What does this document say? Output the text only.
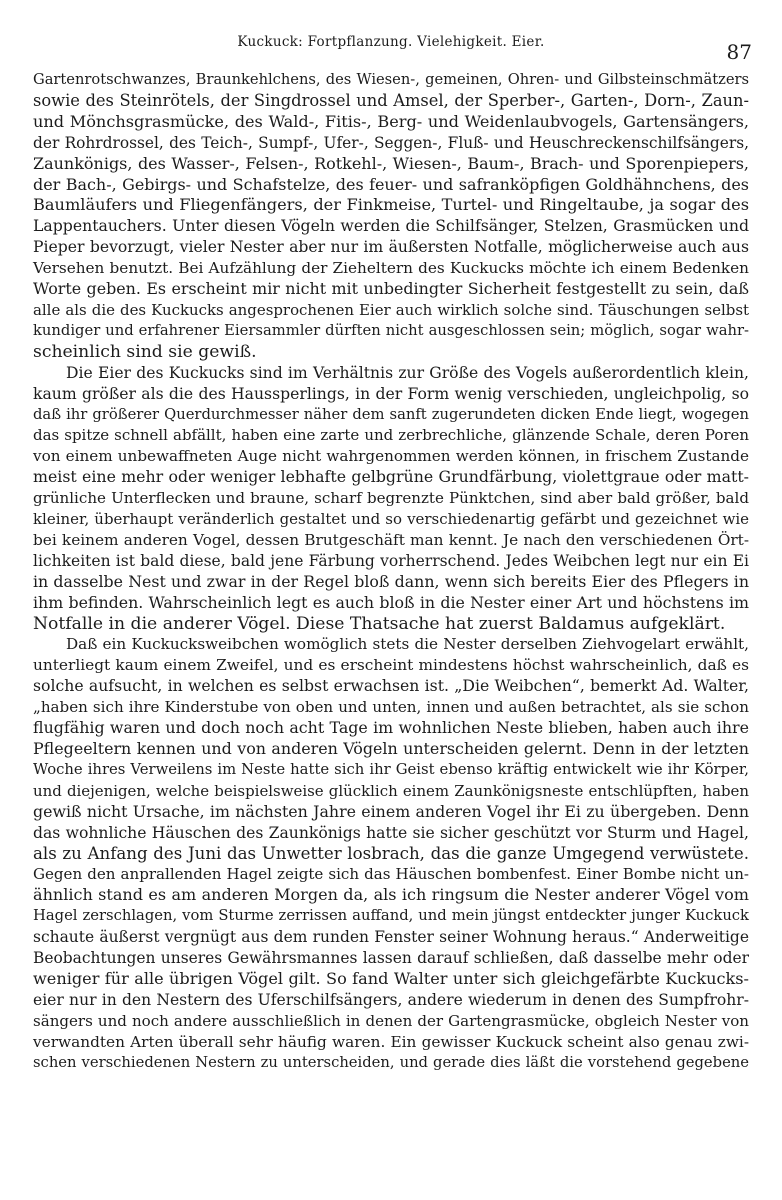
Kuckuck: Fortpflanzung. Vielehigkeit. Eier.	87
Gartenrotschwanzes, Braunkehlchens, des Wiesen-, gemeinen, Ohren- und Gilbsteinschmätzers
sowie des Steinrötels, der Singdrossel und Amsel, der Sperber-, Garten-, Dorn-, Zaun-
und Mönchsgrasmücke, des Wald-, Fitis-, Berg- und Weidenlaubvogels, Gartensängers,
der Rohrdrossel, des Teich-, Sumpf-, Ufer-, Seggen-, Fluß- und Heuschreckenschilfsängers,
Zaunkönigs, des Wasser-, Felsen-, Rotkehl-, Wiesen-, Baum-, Brach- und Sporenpiepers,
der Bach-, Gebirgs- und Schafstelze, des feuer- und safranköpfigen Goldhähnchens, des
Baumläufers und Fliegenfängers, der Finkmeise, Turtel- und Ringeltaube, ja sogar des
Lappentauchers. Unter diesen Vögeln werden die Schilfsänger, Stelzen, Grasmücken und
Pieper bevorzugt, vieler Nester aber nur im äußersten Notfalle, möglicherweise auch aus
Versehen benutzt. Bei Aufzählung der Zieheltern des Kuckucks möchte ich einem Bedenken
Worte geben. Es erscheint mir nicht mit unbedingter Sicherheit festgestellt zu sein, daß
alle als die des Kuckucks angesprochenen Eier auch wirklich solche sind. Täuschungen selbst
kundiger und erfahrener Eiersammler dürften nicht ausgeschlossen sein; möglich, sogar wahr-
scheinlich sind sie gewiß.
Die Eier des Kuckucks sind im Verhältnis zur Größe des Vogels außerordentlich klein,
kaum größer als die des Haussperlings, in der Form wenig verschieden, ungleichpolig, so
daß ihr größerer Querdurchmesser näher dem sanft zugerundeten dicken Ende liegt, wogegen
das spitze schnell abfällt, haben eine zarte und zerbrechliche, glänzende Schale, deren Poren
von einem unbewaffneten Auge nicht wahrgenommen werden können, in frischem Zustande
meist eine mehr oder weniger lebhafte gelbgrüne Grundfärbung, violettgraue oder matt-
grünliche Unterflecken und braune, scharf begrenzte Pünktchen, sind aber bald größer, bald
kleiner, überhaupt veränderlich gestaltet und so verschiedenartig gefärbt und gezeichnet wie
bei keinem anderen Vogel, dessen Brutgeschäft man kennt. Je nach den verschiedenen Ört-
lichkeiten ist bald diese, bald jene Färbung vorherrschend. Jedes Weibchen legt nur ein Ei
in dasselbe Nest und zwar in der Regel bloß dann, wenn sich bereits Eier des Pflegers in
ihm befinden. Wahrscheinlich legt es auch bloß in die Nester einer Art und höchstens im
Notfalle in die anderer Vögel. Diese Thatsache hat zuerst Baldamus aufgeklärt.
Daß ein Kuckucksweibchen womöglich stets die Nester derselben Ziehvogelart erwählt,
unterliegt kaum einem Zweifel, und es erscheint mindestens höchst wahrscheinlich, daß es
solche aufsucht, in welchen es selbst erwachsen ist. „Die Weibchen“, bemerkt Ad. Walter,
„haben sich ihre Kinderstube von oben und unten, innen und außen betrachtet, als sie schon
flugfähig waren und doch noch acht Tage im wohnlichen Neste blieben, haben auch ihre
Pflegeeltern kennen und von anderen Vögeln unterscheiden gelernt. Denn in der letzten
Woche ihres Verweilens im Neste hatte sich ihr Geist ebenso kräftig entwickelt wie ihr Körper,
und diejenigen, welche beispielsweise glücklich einem Zaunkönigsneste entschlüpften, haben
gewiß nicht Ursache, im nächsten Jahre einem anderen Vogel ihr Ei zu übergeben. Denn
das wohnliche Häuschen des Zaunkönigs hatte sie sicher geschützt vor Sturm und Hagel,
als zu Anfang des Juni das Unwetter losbrach, das die ganze Umgegend verwüstete.
Gegen den anprallenden Hagel zeigte sich das Häuschen bombenfest. Einer Bombe nicht un-
ähnlich stand es am anderen Morgen da, als ich ringsum die Nester anderer Vögel vom
Hagel zerschlagen, vom Sturme zerrissen auffand, und mein jüngst entdeckter junger Kuckuck
schaute äußerst vergnügt aus dem runden Fenster seiner Wohnung heraus.“ Anderweitige
Beobachtungen unseres Gewährsmannes lassen darauf schließen, daß dasselbe mehr oder
weniger für alle übrigen Vögel gilt. So fand Walter unter sich gleichgefärbte Kuckucks-
eier nur in den Nestern des Uferschilfsängers, andere wiederum in denen des Sumpfrohr-
sängers und noch andere ausschließlich in denen der Gartengrasmücke, obgleich Nester von
verwandten Arten überall sehr häufig waren. Ein gewisser Kuckuck scheint also genau zwi-
schen verschiedenen Nestern zu unterscheiden, und gerade dies läßt die vorstehend gegebene
